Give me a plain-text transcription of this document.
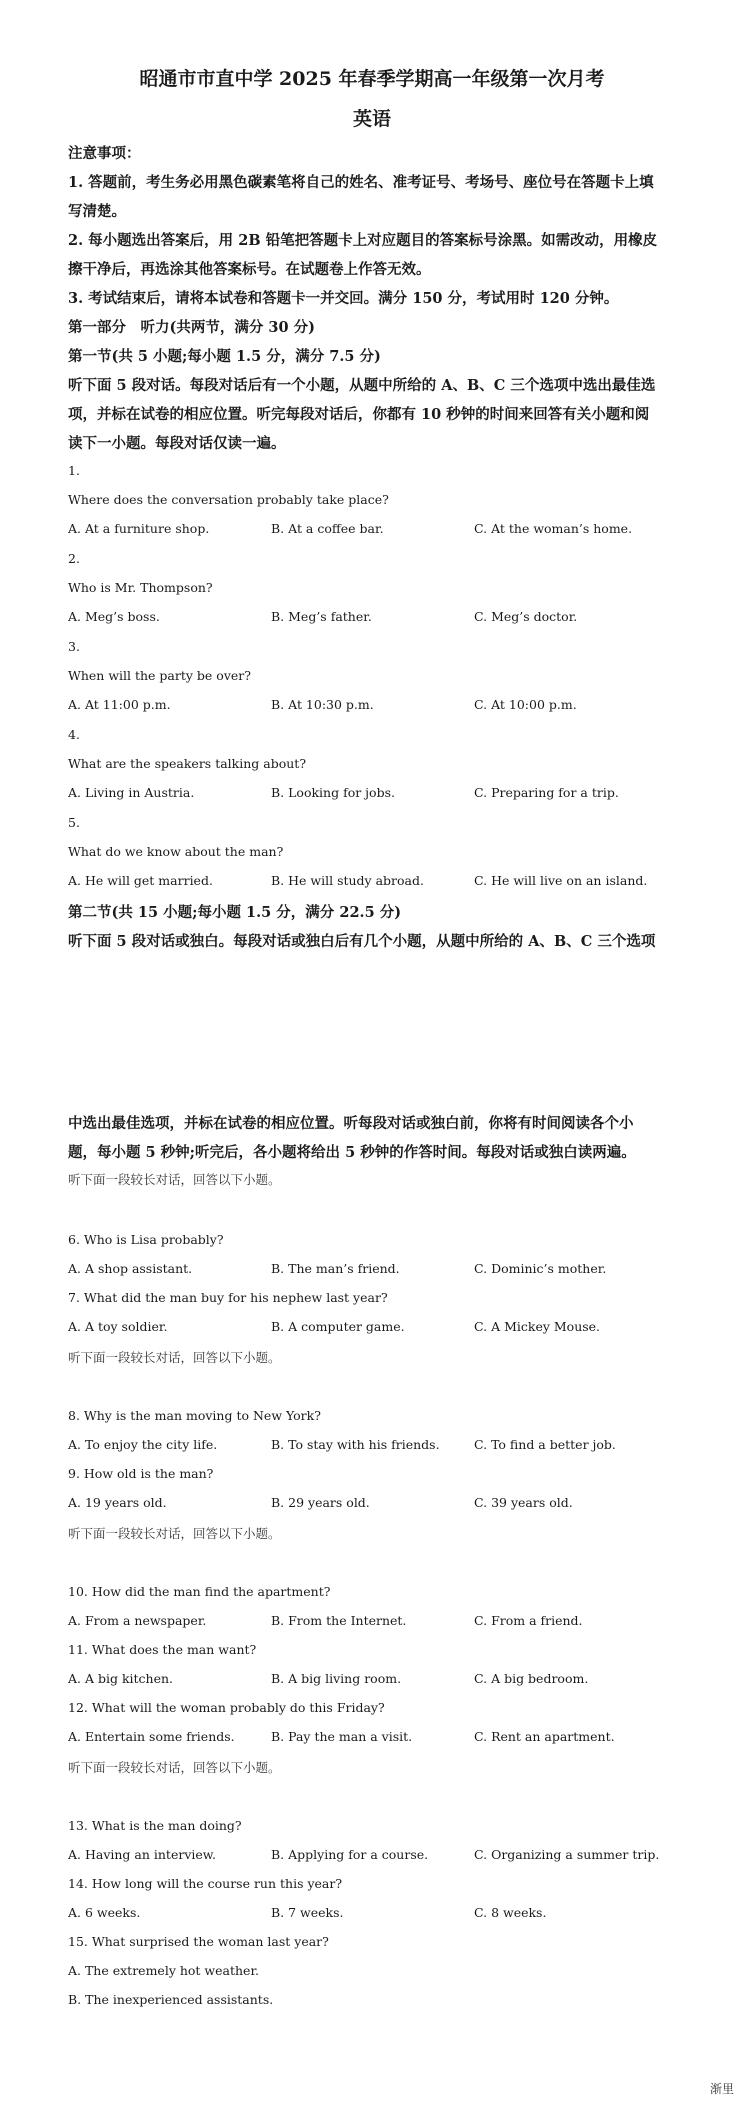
昭通市市直中学 2025 年春季学期高一年级第一次月考
英语
注意事项：
1. 答题前，考生务必用黑色碳素笔将自己的姓名、准考证号、考场号、座位号在答题卡上填
写清楚。
2. 每小题选出答案后，用 2B 铅笔把答题卡上对应题目的答案标号涂黑。如需改动，用橡皮
擦干净后，再选涂其他答案标号。在试题卷上作答无效。
3. 考试结束后，请将本试卷和答题卡一并交回。满分 150 分，考试用时 120 分钟。
第一部分　听力(共两节，满分 30 分)
第一节(共 5 小题;每小题 1.5 分，满分 7.5 分)
听下面 5 段对话。每段对话后有一个小题，从题中所给的 A、B、C 三个选项中选出最佳选
项，并标在试卷的相应位置。听完每段对话后，你都有 10 秒钟的时间来回答有关小题和阅
读下一小题。每段对话仅读一遍。
1.
Where does the conversation probably take place?
A. At a furniture shop.	B. At a coffee bar.	C. At the woman’s home.
2.
Who is Mr. Thompson?
A. Meg’s boss.	B. Meg’s father.	C. Meg’s doctor.
3.
When will the party be over?
A. At 11:00 p.m.	B. At 10:30 p.m.	C. At 10:00 p.m.
4.
What are the speakers talking about?
A. Living in Austria.	B. Looking for jobs.	C. Preparing for a trip.
5.
What do we know about the man?
A. He will get married.	B. He will study abroad.	C. He will live on an island.
第二节(共 15 小题;每小题 1.5 分，满分 22.5 分)
听下面 5 段对话或独白。每段对话或独白后有几个小题，从题中所给的 A、B、C 三个选项
中选出最佳选项，并标在试卷的相应位置。听每段对话或独白前，你将有时间阅读各个小
题，每小题 5 秒钟;听完后，各小题将给出 5 秒钟的作答时间。每段对话或独白读两遍。
听下面一段较长对话，回答以下小题。
6. Who is Lisa probably?
A. A shop assistant.	B. The man’s friend.	C. Dominic’s mother.
7. What did the man buy for his nephew last year?
A. A toy soldier.	B. A computer game.	C. A Mickey Mouse.
听下面一段较长对话，回答以下小题。
8. Why is the man moving to New York?
A. To enjoy the city life.	B. To stay with his friends.	C. To find a better job.
9. How old is the man?
A. 19 years old.	B. 29 years old.	C. 39 years old.
听下面一段较长对话，回答以下小题。
10. How did the man find the apartment?
A. From a newspaper.	B. From the Internet.	C. From a friend.
11. What does the man want?
A. A big kitchen.	B. A big living room.	C. A big bedroom.
12. What will the woman probably do this Friday?
A. Entertain some friends.	B. Pay the man a visit.	C. Rent an apartment.
听下面一段较长对话，回答以下小题。
13. What is the man doing?
A. Having an interview.	B. Applying for a course.	C. Organizing a summer trip.
14. How long will the course run this year?
A. 6 weeks.	B. 7 weeks.	C. 8 weeks.
15. What surprised the woman last year?
A. The extremely hot weather.
B. The inexperienced assistants.
渐里
